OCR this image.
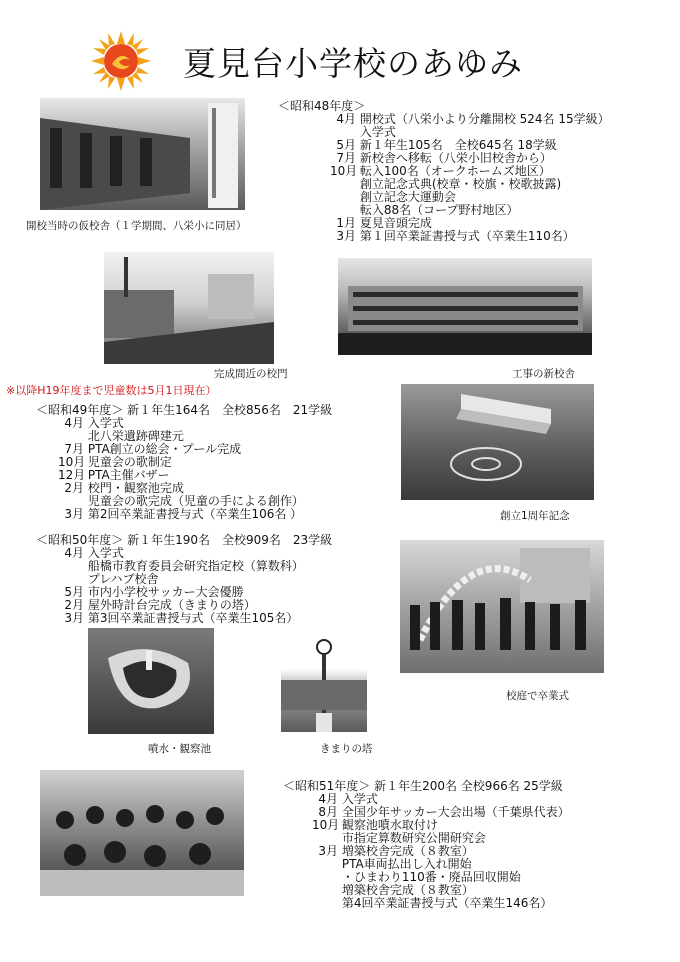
夏見台小学校のあゆみ
開校当時の仮校舎（１学期間、八栄小に同居）
完成間近の校門	工事の新校舎
※以降H19年度まで児童数は5月1日現在）
創立1周年記念
校庭で卒業式
噴水・観察池	きまりの塔
＜昭和48年度＞
4月 開校式（八栄小より分離開校 524名 15学級）
入学式
5月 新１年生105名　全校645名 18学級
7月 新校舎へ移転（八栄小旧校舎から）
10月 転入100名（オークホームズ地区）
創立記念式典(校章・校旗・校歌披露)
創立記念大運動会
転入88名（コープ野村地区）
1月 夏見音頭完成
3月 第１回卒業証書授与式（卒業生110名）
＜昭和49年度＞ 新１年生164名　全校856名　21学級
4月 入学式
北八栄遺跡碑建元
7月 PTA創立の総会・プール完成
10月 児童会の歌制定
12月 PTA主催バザー
2月 校門・観察池完成
児童会の歌完成（児童の手による創作）
3月 第2回卒業証書授与式（卒業生106名 ）
＜昭和50年度＞ 新１年生190名　全校909名　23学級
4月 入学式
船橋市教育委員会研究指定校（算数科）
プレハブ校舎
5月 市内小学校サッカー大会優勝
2月 屋外時計台完成（きまりの塔）
3月 第3回卒業証書授与式（卒業生105名）
＜昭和51年度＞ 新１年生200名 全校966名 25学級
4月 入学式
8月 全国少年サッカー大会出場（千葉県代表）
10月 観察池噴水取付け
市指定算数研究公開研究会
3月 増築校舎完成（８教室）
PTA車両払出し入れ開始
・ひまわり110番・廃品回収開始
増築校舎完成（８教室）
第4回卒業証書授与式（卒業生146名）
